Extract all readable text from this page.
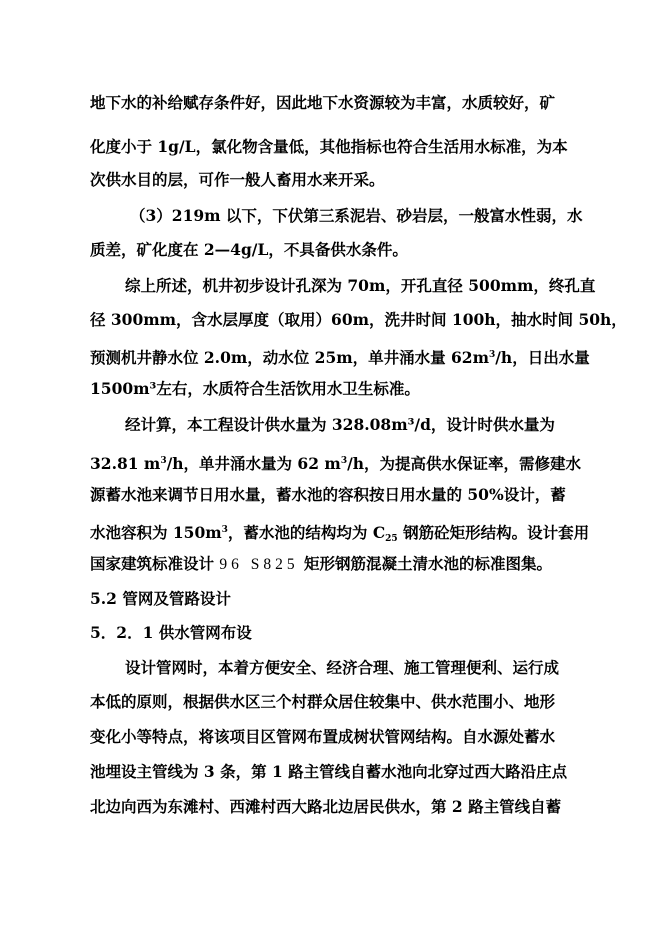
地下水的补给赋存条件好，因此地下水资源较为丰富，水质较好，矿
化度小于 1g/L，氯化物含量低，其他指标也符合生活用水标准，为本
次供水目的层，可作一般人畜用水来开采。
（3）219m 以下，下伏第三系泥岩、砂岩层，一般富水性弱，水
质差，矿化度在 2—4g/L，不具备供水条件。
综上所述，机井初步设计孔深为 70m，开孔直径 500mm，终孔直
径 300mm，含水层厚度（取用）60m，洗井时间 100h，抽水时间 50h，
预测机井静水位 2.0m，动水位 25m，单井涌水量 $62m^3/h$，日出水量
1500m³左右，水质符合生活饮用水卫生标准。
经计算，本工程设计供水量为 328.08m³/d，设计时供水量为
32.81 $m^3/h$，单井涌水量为 62 $m^3/h$，为提高供水保证率，需修建水
源蓄水池来调节日用水量，蓄水池的容积按日用水量的 50%设计，蓄
水池容积为 $150m^3$，蓄水池的结构均为 $C_{25}$ 钢筋砼矩形结构。设计套用
国家建筑标准设计 96 S825 矩形钢筋混凝土清水池的标准图集。
5.2 管网及管路设计
5．2．1 供水管网布设
设计管网时，本着方便安全、经济合理、施工管理便利、运行成
本低的原则，根据供水区三个村群众居住较集中、供水范围小、地形
变化小等特点，将该项目区管网布置成树状管网结构。自水源处蓄水
池埋设主管线为 3 条，第 1 路主管线自蓄水池向北穿过西大路沿庄点
北边向西为东滩村、西滩村西大路北边居民供水，第 2 路主管线自蓄
